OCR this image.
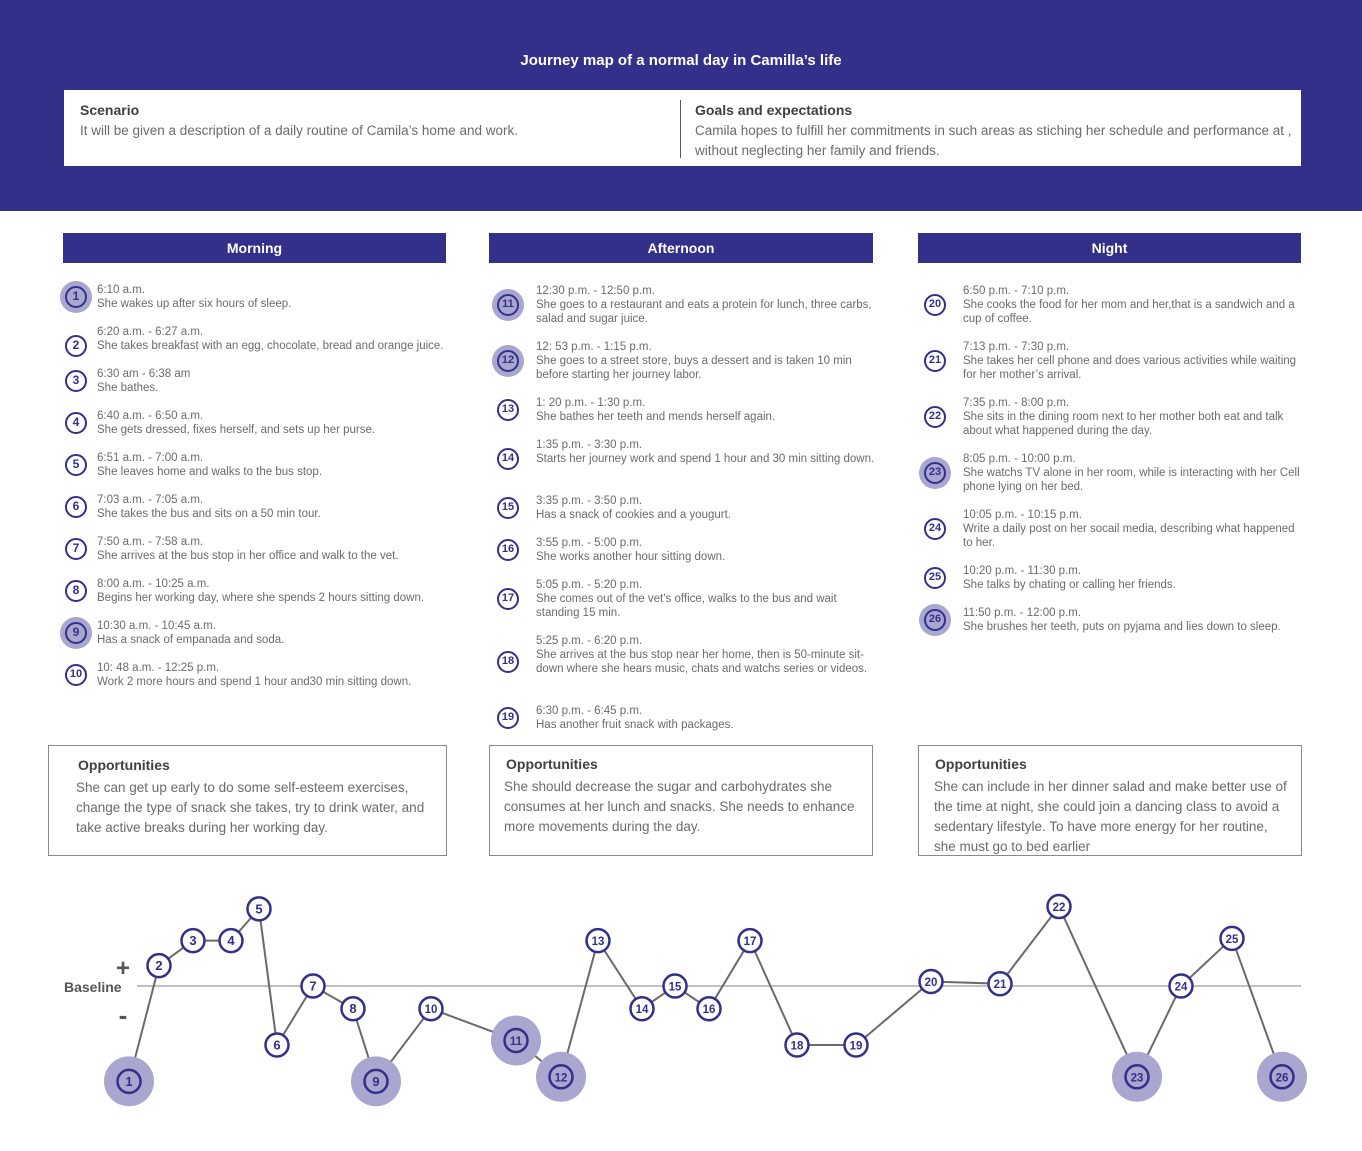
Journey map of a normal day in Camilla’s life
Scenario

It will be given a description of a daily routine of Camila’s home and work.

Goals and expectations

Camila hopes to fulfill her commitments in such areas as stiching her schedule and performance at , without neglecting her family and friends.

Morning	Afternoon	Night
1	6:10 a.m.
She wakes up after six hours of sleep.
2
6:20 a.m. - 6:27 a.m.
She takes breakfast with an egg, chocolate, bread and orange juice.
3	6:30 am - 6:38 am
She bathes.
4	6:40 a.m. - 6:50 a.m.
She gets dressed, fixes herself, and sets up her purse.
5	6:51 a.m. - 7:00 a.m.
She leaves home and walks to the bus stop.
6	7:03 a.m. - 7:05 a.m.
She takes the bus and sits on a 50 min tour.
7	7:50 a.m. - 7:58 a.m.
She arrives at the bus stop in her office and walk to the vet.
8	8:00 a.m. - 10:25 a.m.
Begins her working day, where she spends 2 hours sitting down.
9	10:30 a.m. - 10:45 a.m.
Has a snack of empanada and soda.
10	10: 48 a.m. - 12:25 p.m.
Work 2 more hours and spend 1 hour and30 min sitting down.
11
12:30 p.m. - 12:50 p.m.
She goes to a restaurant and eats a protein for lunch, three carbs, salad and sugar juice.
12
12: 53 p.m. - 1:15 p.m.
She goes to a street store, buys a dessert and is taken 10 min before starting her journey labor.
13	1: 20 p.m. - 1:30 p.m.
She bathes her teeth and mends herself again.
14
1:35 p.m. - 3:30 p.m.
Starts her journey work and spend 1 hour and 30 min sitting down.
15	3:35 p.m. - 3:50 p.m.
Has a snack of cookies and a yougurt.
16	3:55 p.m. - 5:00 p.m.
She works another hour sitting down.
17
5:05 p.m. - 5:20 p.m.
She comes out of the vet’s office, walks to the bus and wait standing 15 min.
18
5:25 p.m. - 6:20 p.m.
She arrives at the bus stop near her home, then is 50-minute sit-down where she hears music, chats and watchs series or videos.
19	6:30 p.m. - 6:45 p.m.
Has another fruit snack with packages.
20
6:50 p.m. - 7:10 p.m.
She cooks the food for her mom and her,that is a sandwich and a cup of coffee.
21
7:13 p.m. - 7:30 p.m.
She takes her cell phone and does various activities while waiting for her mother’s arrival.
22
7:35 p.m. - 8:00 p.m.
She sits in the dining room next to her mother both eat and talk about what happened during the day.
23
8:05 p.m. - 10:00 p.m.
She watchs TV alone in her room, while is interacting with her Cell phone lying on her bed.
24
10:05 p.m. - 10:15 p.m.
Write a daily post on her socail media, describing what happened to her.
25	10:20 p.m. - 11:30 p.m.
She talks by chating or calling her friends.
26	11:50 p.m. - 12:00 p.m.
She brushes her teeth, puts on pyjama and lies down to sleep.
Opportunities

She can get up early to do some self-esteem exercises, change the type of snack she takes, try to drink water, and take active breaks during her working day.

Opportunities

She should decrease the sugar and carbohydrates she consumes at her lunch and snacks. She needs to enhance more movements during the day.

Opportunities

She can include in her dinner salad and make better use of the time at night, she could join a dancing class to avoid a sedentary lifestyle. To have more energy for her routine, she must go to bed earlier

Baseline
+
-
1
2
3 4
5
6
7
8
9
10
11
12
13
14
15
16
17
18	19
20	21
22
23
24
25
26
